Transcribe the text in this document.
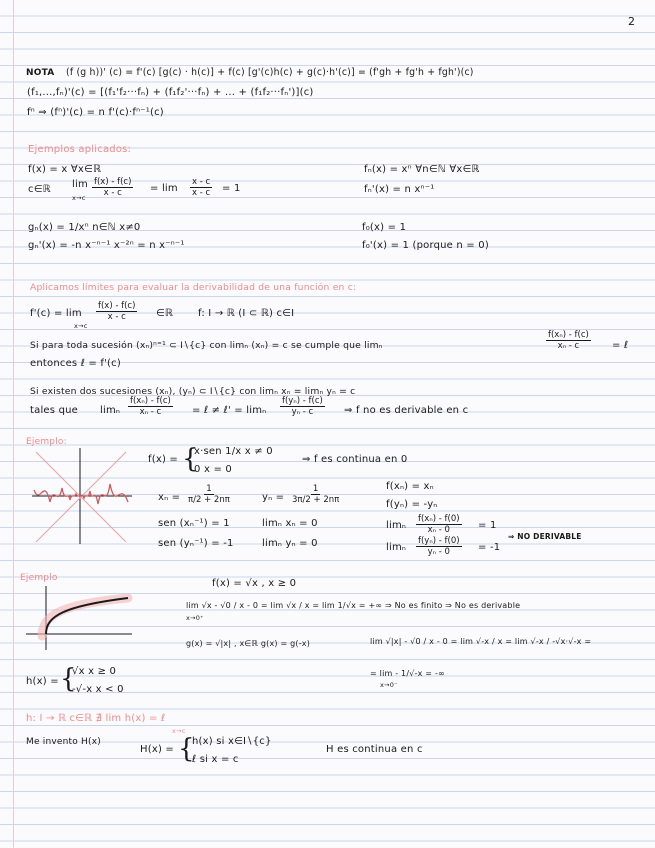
2
NOTA (f (g h))' (c) = f'(c) [g(c) · h(c)] + f(c) [g'(c)h(c) + g(c)·h'(c)] = (f'gh + fg'h + fgh')(c)
(f₁,...,fₙ)'(c) = [(f₁'f₂···fₙ) + (f₁f₂'···fₙ) + ... + (f₁f₂···fₙ')](c)
fⁿ ⇒ (fⁿ)'(c) = n f'(c)·fⁿ⁻¹(c)
Ejemplos aplicados:
f(x) = x ∀x∈ℝ
c∈ℝ lim
$x\to c \frac{f(x) - f(c)}{x - c} = \lim \frac{x - c}{x - c} = 1$
fₙ(x) = xⁿ ∀n∈ℕ ∀x∈ℝ
fₙ'(x) = n xⁿ⁻¹
gₙ(x) = 1/xⁿ n∈ℕ x≠0
gₙ'(x) = -n x⁻ⁿ⁻¹ x⁻²ⁿ = n x⁻ⁿ⁻¹
f₀(x) = 1
f₀'(x) = 1 (porque n = 0)
Aplicamos límites para evaluar la derivabilidad de una función en c:
f'(c) = lim
x→c
$\frac{f(x) - f(c)}{x - c}$ ∈ℝ f: I → ℝ (I ⊂ ℝ) c∈I
Si para toda sucesión (xₙ)ⁿ⁼¹ ⊂ I∖{c} con limₙ (xₙ) = c se cumple que limₙ	$\frac{\text{f(xₙ) - f(c)}}{\text{xₙ - c}}$ = ℓ
entonces ℓ = f'(c)
Si existen dos sucesiones (xₙ), (yₙ) ⊂ I∖{c} con limₙ xₙ = limₙ yₙ = c
tales que limₙ $\frac{\text{f(xₙ) - f(c)}}{\text{xₙ - c}}$ = ℓ ≠ ℓ' = limₙ $\frac{\text{f(yₙ) - f(c)}}{\text{yₙ - c}}$ ⇒ f no es derivable en c
Ejemplo:
f(x) = {
x·sen 1/x x ≠ 0
0 x = 0
⇒ f es continua en 0
$x_n = \frac{1}{\pi/2 + 2n\pi}$	$y_n = \frac{1}{3\pi/2 + 2n\pi}$
sen (xₙ⁻¹) = 1
sen (yₙ⁻¹) = -1
limₙ xₙ = 0
limₙ yₙ = 0
f(xₙ) = xₙ
f(yₙ) = -yₙ
limₙ $\frac{\text{f(xₙ) - f(0)}}{\text{xₙ - 0}} = 1$
limₙ $\frac{\text{f(yₙ) - f(0)}}{\text{yₙ - 0}} = -1$
⇒ NO DERIVABLE
Ejemplo	f(x) = √x , x ≥ 0
lim √x - √0 / x - 0 = lim √x / x = lim 1/√x = +∞ ⇒ No es finito ⇒ No es derivable
x→0⁺
g(x) = √|x| , x∈ℝ g(x) = g(-x)	lim √|x| - √0 / x - 0 = lim √-x / x = lim √-x / -√x·√-x =
= lim - 1/√-x = -∞
x→0⁻
h(x) = {
√x x ≥ 0
-√-x x < 0
h: I → ℝ c∈ℝ ∄ lim h(x) = ℓ
x→c
Me invento H(x)
H(x) = {
h(x) si x∈I∖{c}
ℓ si x = c
H es continua en c
